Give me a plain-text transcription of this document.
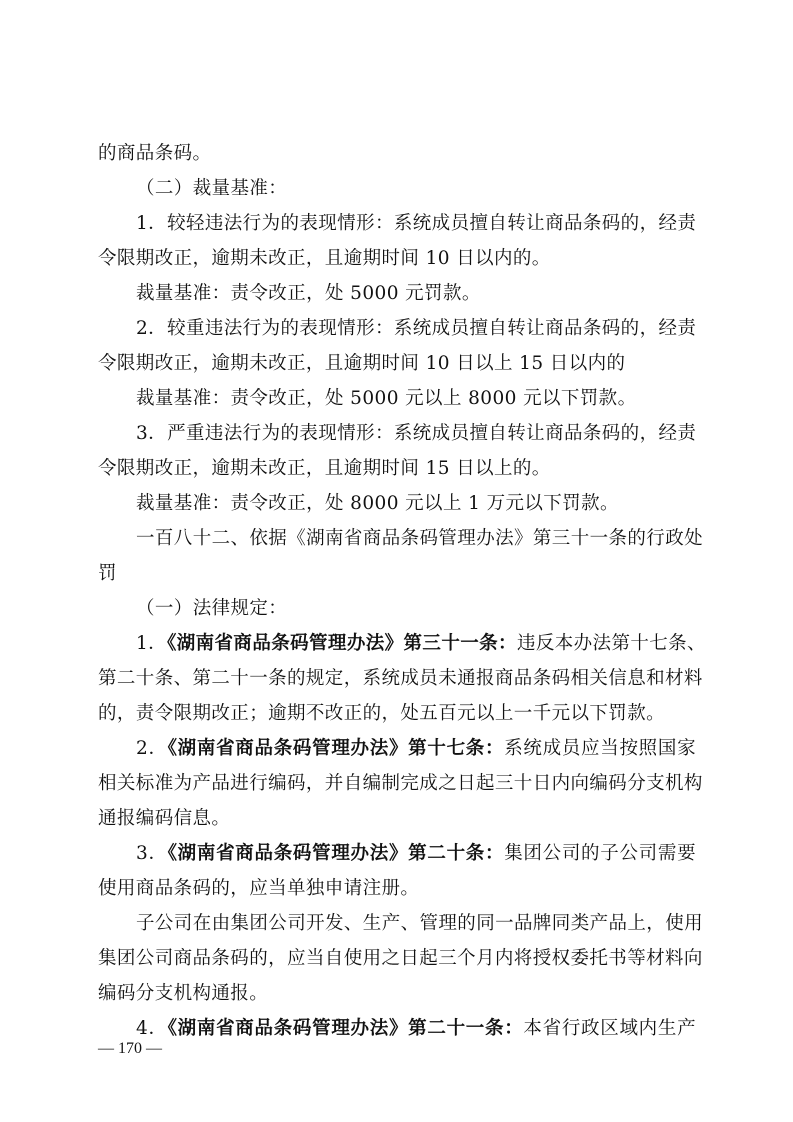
的商品条码。
（二）裁量基准：
1．较轻违法行为的表现情形：系统成员擅自转让商品条码的，经责
令限期改正，逾期未改正，且逾期时间 10 日以内的。
裁量基准：责令改正，处 5000 元罚款。
2．较重违法行为的表现情形：系统成员擅自转让商品条码的，经责
令限期改正，逾期未改正，且逾期时间 10 日以上 15 日以内的
裁量基准：责令改正，处 5000 元以上 8000 元以下罚款。
3．严重违法行为的表现情形：系统成员擅自转让商品条码的，经责
令限期改正，逾期未改正，且逾期时间 15 日以上的。
裁量基准：责令改正，处 8000 元以上 1 万元以下罚款。
一百八十二、依据《湖南省商品条码管理办法》第三十一条的行政处
罚
（一）法律规定：
1．《湖南省商品条码管理办法》第三十一条：违反本办法第十七条、
第二十条、第二十一条的规定，系统成员未通报商品条码相关信息和材料
的，责令限期改正；逾期不改正的，处五百元以上一千元以下罚款。
2．《湖南省商品条码管理办法》第十七条：系统成员应当按照国家
相关标准为产品进行编码，并自编制完成之日起三十日内向编码分支机构
通报编码信息。
3．《湖南省商品条码管理办法》第二十条：集团公司的子公司需要
使用商品条码的，应当单独申请注册。
子公司在由集团公司开发、生产、管理的同一品牌同类产品上，使用
集团公司商品条码的，应当自使用之日起三个月内将授权委托书等材料向
编码分支机构通报。
4．《湖南省商品条码管理办法》第二十一条：本省行政区域内生产
— 170 —
